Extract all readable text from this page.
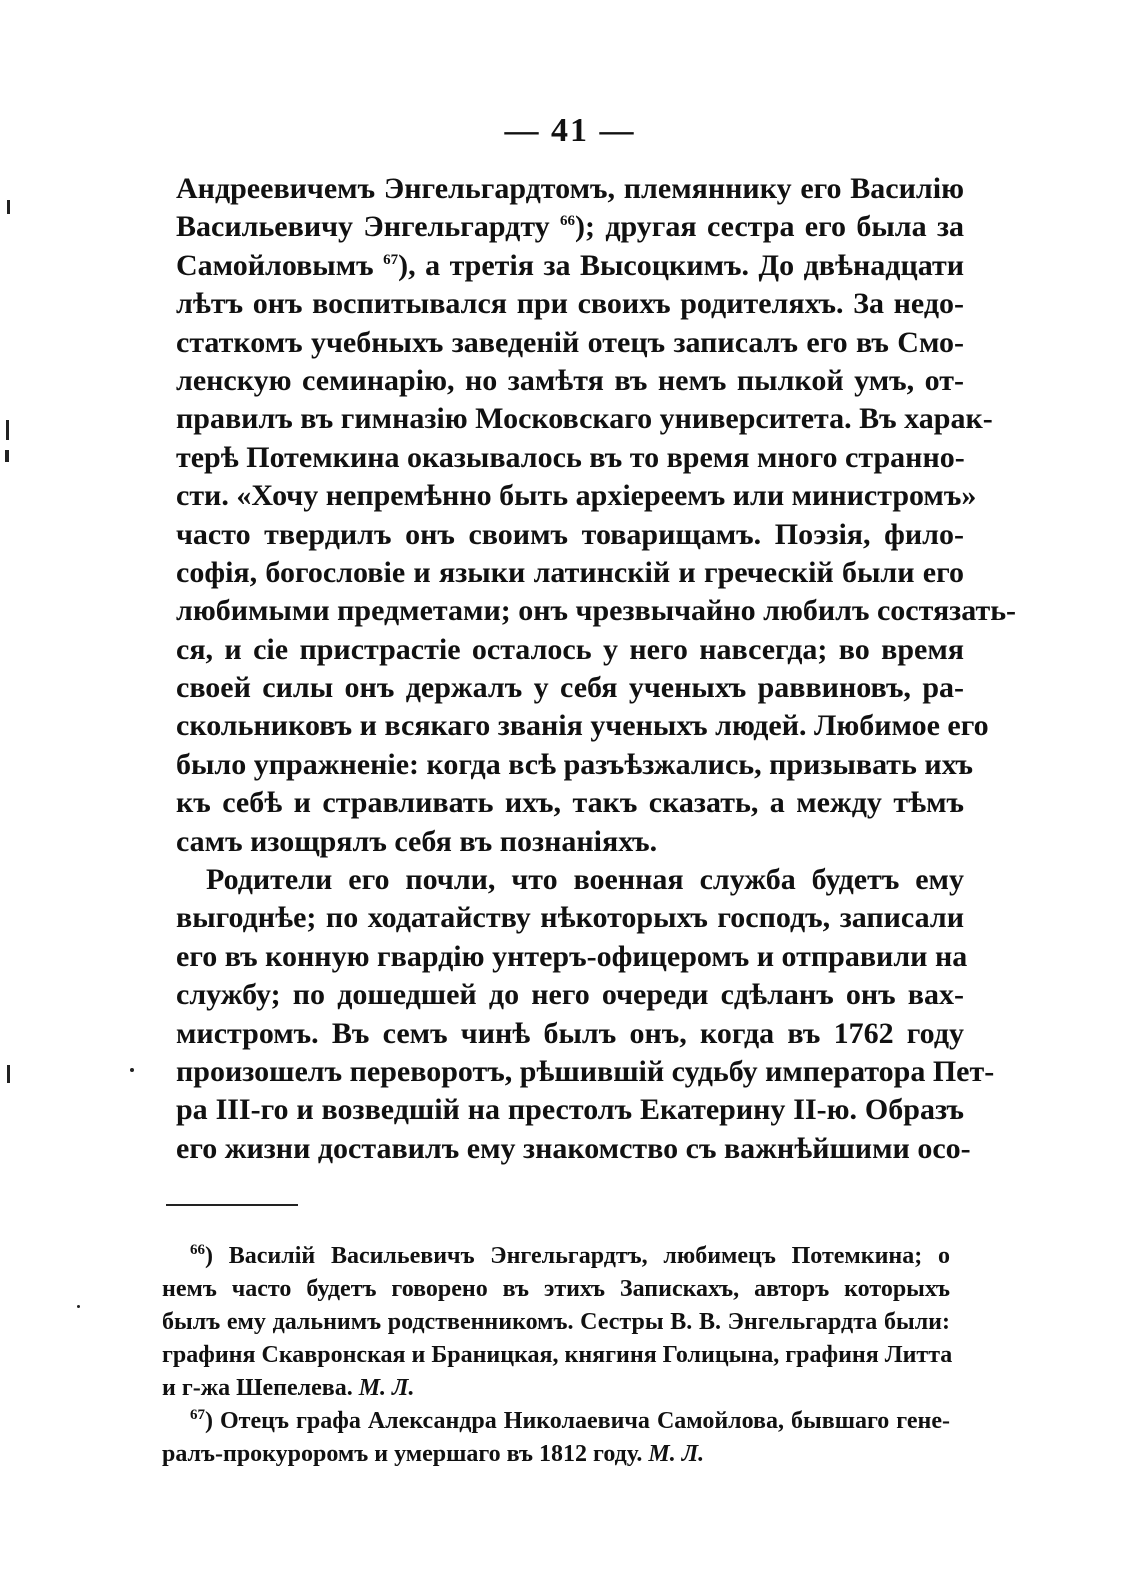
— 41 —
Андреевичемъ Энгельгардтомъ, племяннику его Василію
Васильевичу Энгельгардту $^{66}$); другая сестра его была за
Самойловымъ $^{67}$), а третія за Высоцкимъ. До двѣнадцати
лѣтъ онъ воспитывался при своихъ родителяхъ. За недо-
статкомъ учебныхъ заведеній отецъ записалъ его въ Смо-
ленскую семинарію, но замѣтя въ немъ пылкой умъ, от-
правилъ въ гимназію Московскаго университета. Въ харак-
терѣ Потемкина оказывалось въ то время много странно-
сти. «Хочу непремѣнно быть архіереемъ или министромъ»
часто твердилъ онъ своимъ товарищамъ. Поэзія, фило-
софія, богословіе и языки латинскій и греческій были его
любимыми предметами; онъ чрезвычайно любилъ состязать-
ся, и сіе пристрастіе осталось у него навсегда; во время
своей силы онъ держалъ у себя ученыхъ раввиновъ, ра-
скольниковъ и всякаго званія ученыхъ людей. Любимое его
было упражненіе: когда всѣ разъѣзжались, призывать ихъ
къ себѣ и стравливать ихъ, такъ сказать, а между тѣмъ
самъ изощрялъ себя въ познаніяхъ.
Родители его почли, что военная служба будетъ ему
выгоднѣе; по ходатайству нѣкоторыхъ господъ, записали
его въ конную гвардію унтеръ-офицеромъ и отправили на
службу; по дошедшей до него очереди сдѣланъ онъ вах-
мистромъ. Въ семъ чинѣ былъ онъ, когда въ 1762 году
произошелъ переворотъ, рѣшившій судьбу императора Пет-
ра III-го и возведшій на престолъ Екатерину II-ю. Образъ
его жизни доставилъ ему знакомство съ важнѣйшими осо-
$^{66}$) Василій Васильевичъ Энгельгардтъ, любимецъ Потемкина; о
немъ часто будетъ говорено въ этихъ Запискахъ, авторъ которыхъ
былъ ему дальнимъ родственникомъ. Сестры В. В. Энгельгардта были:
графиня Скавронская и Браницкая, княгиня Голицына, графиня Литта
и г-жа Шепелева. М. Л.
$^{67}$) Отецъ графа Александра Николаевича Самойлова, бывшаго гене-
ралъ-прокуроромъ и умершаго въ 1812 году. М. Л.
